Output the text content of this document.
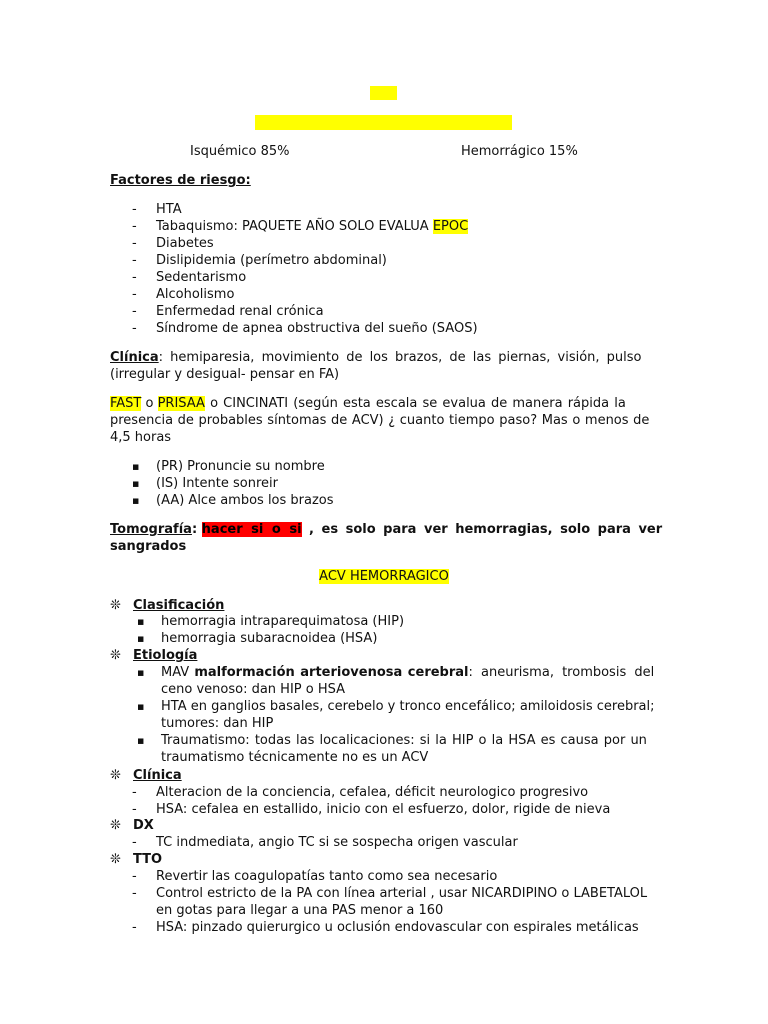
Isquémico 85%	Hemorrágico 15%
Factores de riesgo:
- HTA
- Tabaquismo: PAQUETE AÑO SOLO EVALUA EPOC
- Diabetes
- Dislipidemia (perímetro abdominal)
- Sedentarismo
- Alcoholismo
- Enfermedad renal crónica
- Síndrome de apnea obstructiva del sueño (SAOS)
Clínica: hemiparesia, movimiento de los brazos, de las piernas, visión, pulso
(irregular y desigual- pensar en FA)
FAST o PRISAA o CINCINATI (según esta escala se evalua de manera rápida la
presencia de probables síntomas de ACV) ¿ cuanto tiempo paso? Mas o menos de
4,5 horas
▪ (PR) Pronuncie su nombre
▪ (IS) Intente sonreir
▪ (AA) Alce ambos los brazos
Tomografía: hacer si o si , es solo para ver hemorragias, solo para ver
sangrados
ACV HEMORRAGICO
❊ Clasificación
▪ hemorragia intraparequimatosa (HIP)
▪ hemorragia subaracnoidea (HSA)
❊ Etiología
▪ MAV malformación arteriovenosa cerebral: aneurisma, trombosis del
ceno venoso: dan HIP o HSA
▪ HTA en ganglios basales, cerebelo y tronco encefálico; amiloidosis cerebral;
tumores: dan HIP
▪ Traumatismo: todas las localicaciones: si la HIP o la HSA es causa por un
traumatismo técnicamente no es un ACV
❊ Clínica
- Alteracion de la conciencia, cefalea, déficit neurologico progresivo
- HSA: cefalea en estallido, inicio con el esfuerzo, dolor, rigide de nieva
❊ DX
- TC indmediata, angio TC si se sospecha origen vascular
❊ TTO
- Revertir las coagulopatías tanto como sea necesario
- Control estricto de la PA con línea arterial , usar NICARDIPINO o LABETALOL
en gotas para llegar a una PAS menor a 160
- HSA: pinzado quierurgico u oclusión endovascular con espirales metálicas
